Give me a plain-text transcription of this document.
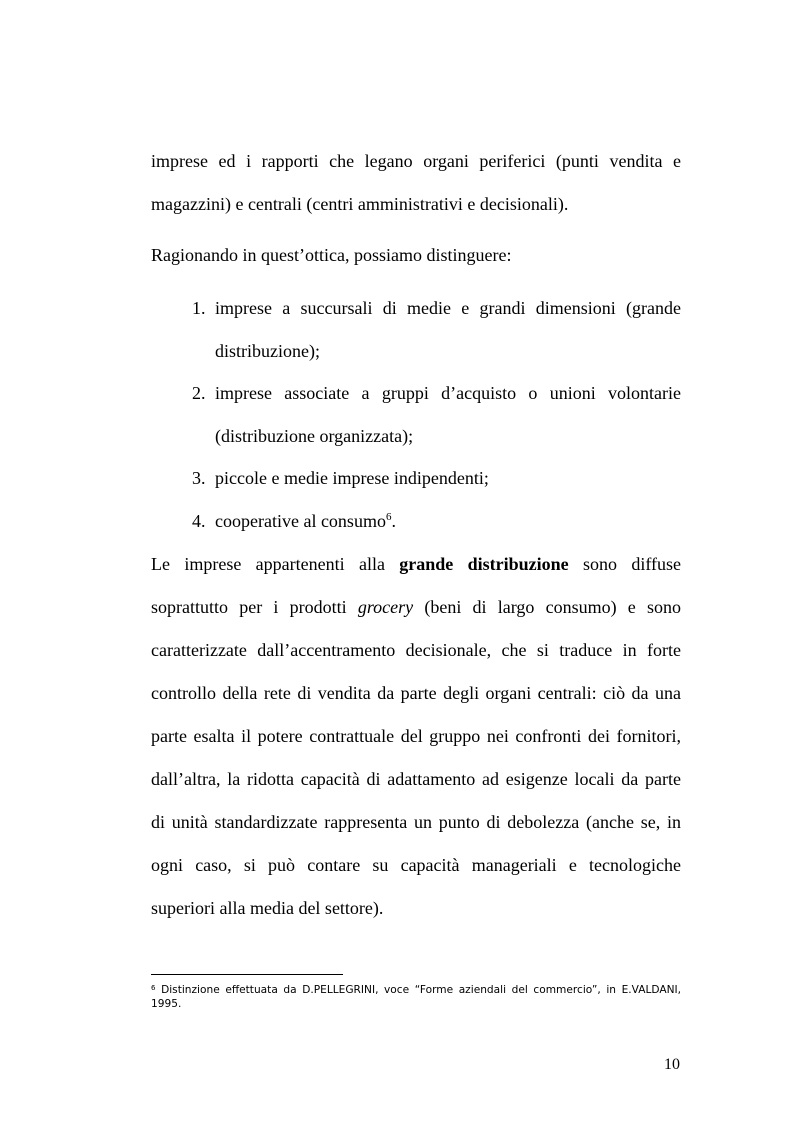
imprese ed i rapporti che legano organi periferici (punti vendita e
magazzini) e centrali (centri amministrativi e decisionali).
Ragionando in quest’ottica, possiamo distinguere:
1. imprese a succursali di medie e grandi dimensioni (grande
distribuzione);
2. imprese associate a gruppi d’acquisto o unioni volontarie
(distribuzione organizzata);
3. piccole e medie imprese indipendenti;
4. cooperative al consumo$^6$.
Le imprese appartenenti alla grande distribuzione sono diffuse
soprattutto per i prodotti grocery (beni di largo consumo) e sono
caratterizzate dall’accentramento decisionale, che si traduce in forte
controllo della rete di vendita da parte degli organi centrali: ciò da una
parte esalta il potere contrattuale del gruppo nei confronti dei fornitori,
dall’altra, la ridotta capacità di adattamento ad esigenze locali da parte
di unità standardizzate rappresenta un punto di debolezza (anche se, in
ogni caso, si può contare su capacità manageriali e tecnologiche
superiori alla media del settore).
$^6$ Distinzione effettuata da D.PELLEGRINI, voce “Forme aziendali del commercio”, in E.VALDANI,
1995.
10
